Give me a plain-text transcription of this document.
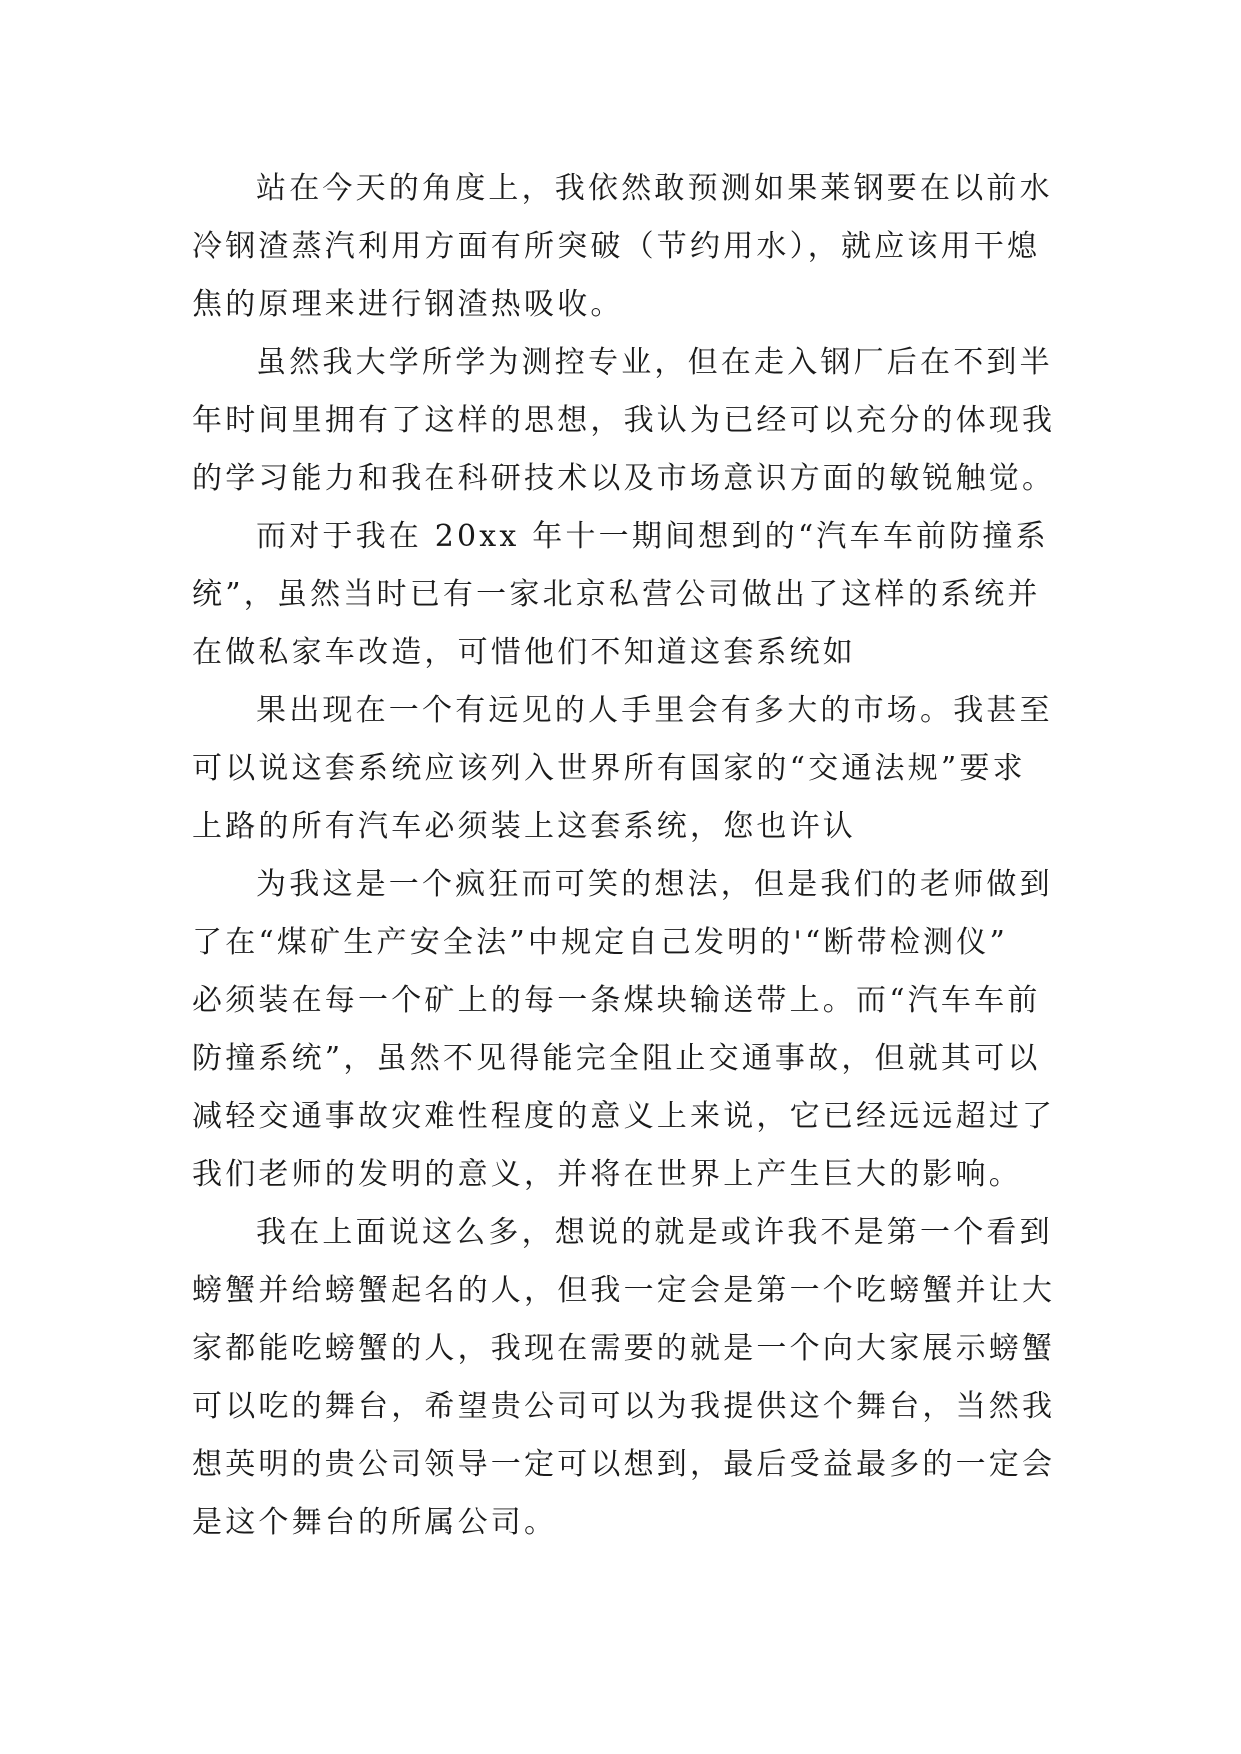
站在今天的角度上，我依然敢预测如果莱钢要在以前水
冷钢渣蒸汽利用方面有所突破（节约用水），就应该用干熄
焦的原理来进行钢渣热吸收。
虽然我大学所学为测控专业，但在走入钢厂后在不到半
年时间里拥有了这样的思想，我认为已经可以充分的体现我
的学习能力和我在科研技术以及市场意识方面的敏锐触觉。
而对于我在 20xx 年十一期间想到的“汽车车前防撞系
统”，虽然当时已有一家北京私营公司做出了这样的系统并
在做私家车改造，可惜他们不知道这套系统如
果出现在一个有远见的人手里会有多大的市场。我甚至
可以说这套系统应该列入世界所有国家的“交通法规”要求
上路的所有汽车必须装上这套系统，您也许认
为我这是一个疯狂而可笑的想法，但是我们的老师做到
了在“煤矿生产安全法”中规定自己发明的'“断带检测仪”
必须装在每一个矿上的每一条煤块输送带上。而“汽车车前
防撞系统”，虽然不见得能完全阻止交通事故，但就其可以
减轻交通事故灾难性程度的意义上来说，它已经远远超过了
我们老师的发明的意义，并将在世界上产生巨大的影响。
我在上面说这么多，想说的就是或许我不是第一个看到
螃蟹并给螃蟹起名的人，但我一定会是第一个吃螃蟹并让大
家都能吃螃蟹的人，我现在需要的就是一个向大家展示螃蟹
可以吃的舞台，希望贵公司可以为我提供这个舞台，当然我
想英明的贵公司领导一定可以想到，最后受益最多的一定会
是这个舞台的所属公司。
